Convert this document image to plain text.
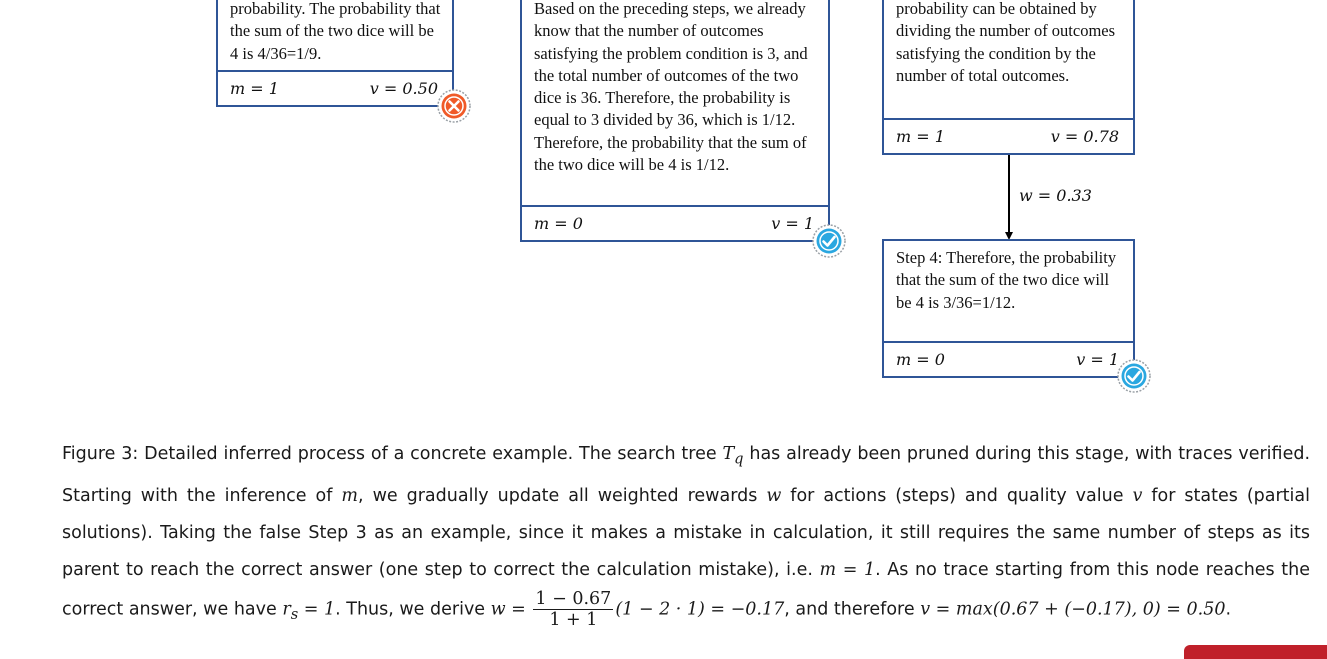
probability. The probability that the sum of the two dice will be 4 is 4/36=1/9.
m = 1	v = 0.50
Based on the preceding steps, we already know that the number of outcomes satisfying the problem condition is 3, and the total number of outcomes of the two dice is 36. Therefore, the probability is equal to 3 divided by 36, which is 1/12. Therefore, the probability that the sum of the two dice will be 4 is 1/12.
m = 0	v = 1
probability can be obtained by dividing the number of outcomes satisfying the condition by the number of total outcomes.
m = 1	v = 0.78
w = 0.33
Step 4: Therefore, the probability that the sum of the two dice will be 4 is 3/36=1/12.
m = 0	v = 1
Figure 3: Detailed inferred process of a concrete example. The search tree $T_q$ has already been pruned during this stage, with traces verified. Starting with the inference of m, we gradually update all weighted rewards w for actions (steps) and quality value v for states (partial solutions). Taking the false Step 3 as an example, since it makes a mistake in calculation, it still requires the same number of steps as its parent to reach the correct answer (one step to correct the calculation mistake), i.e. m = 1. As no trace starting from this node reaches the correct answer, we have $r_s = 1$. Thus, we derive $w = \frac{1 - 0.67}{1 + 1} (1 - 2 \cdot 1) = -0.17$, and therefore v = max(0.67 + (−0.17), 0) = 0.50.
